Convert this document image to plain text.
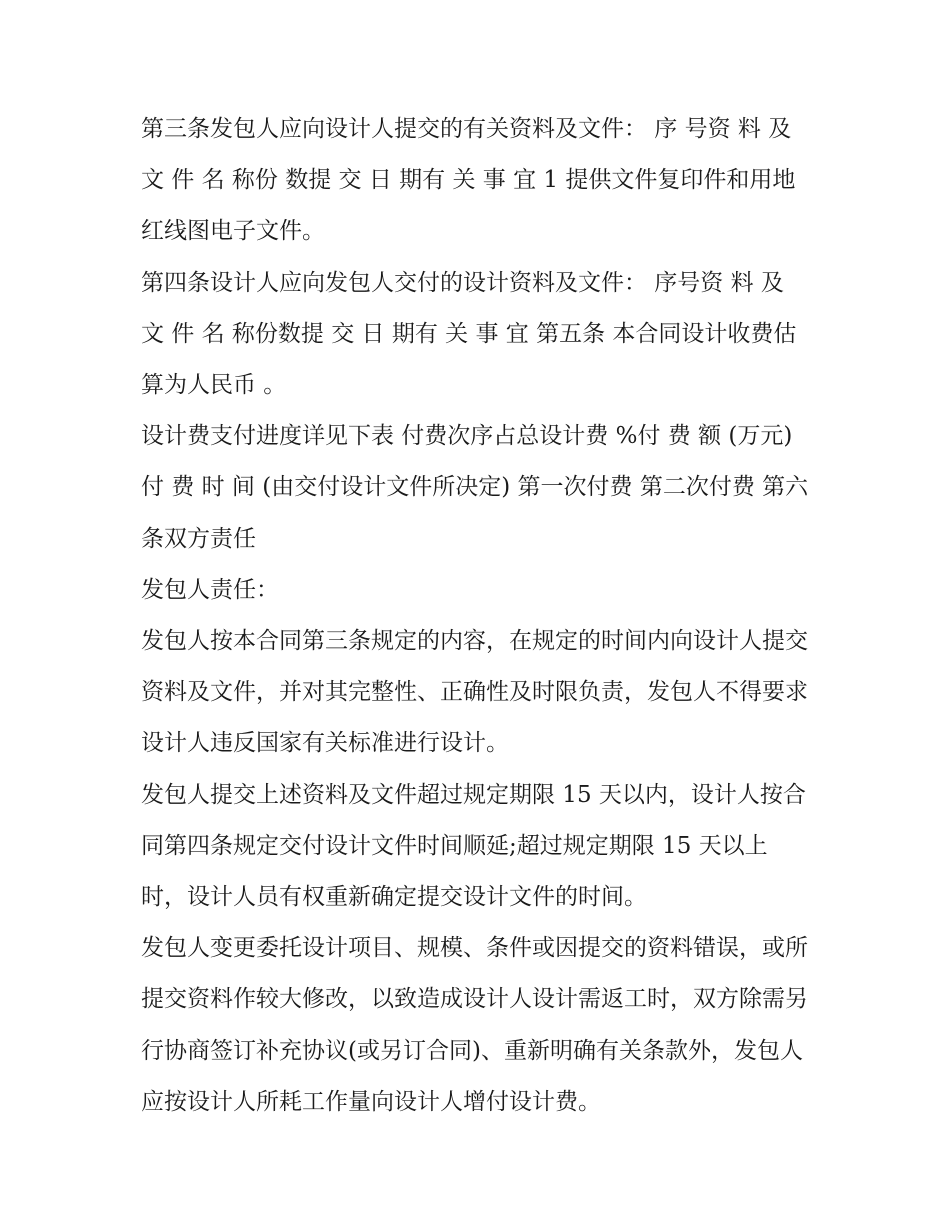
第三条发包人应向设计人提交的有关资料及文件： 序 号资 料 及 文 件 名 称份 数提 交 日 期有 关 事 宜 1 提供文件复印件和用地红线图电子文件。

第四条设计人应向发包人交付的设计资料及文件： 序号资 料 及 文 件 名 称份数提 交 日 期有 关 事 宜 第五条 本合同设计收费估算为人民币 。

设计费支付进度详见下表 付费次序占总设计费 %付 费 额 (万元)付 费 时 间 (由交付设计文件所决定) 第一次付费 第二次付费 第六条双方责任

发包人责任：

发包人按本合同第三条规定的内容，在规定的时间内向设计人提交资料及文件，并对其完整性、正确性及时限负责，发包人不得要求设计人违反国家有关标准进行设计。

发包人提交上述资料及文件超过规定期限 15 天以内，设计人按合同第四条规定交付设计文件时间顺延;超过规定期限 15 天以上时，设计人员有权重新确定提交设计文件的时间。

发包人变更委托设计项目、规模、条件或因提交的资料错误，或所提交资料作较大修改，以致造成设计人设计需返工时，双方除需另行协商签订补充协议(或另订合同)、重新明确有关条款外，发包人应按设计人所耗工作量向设计人增付设计费。
